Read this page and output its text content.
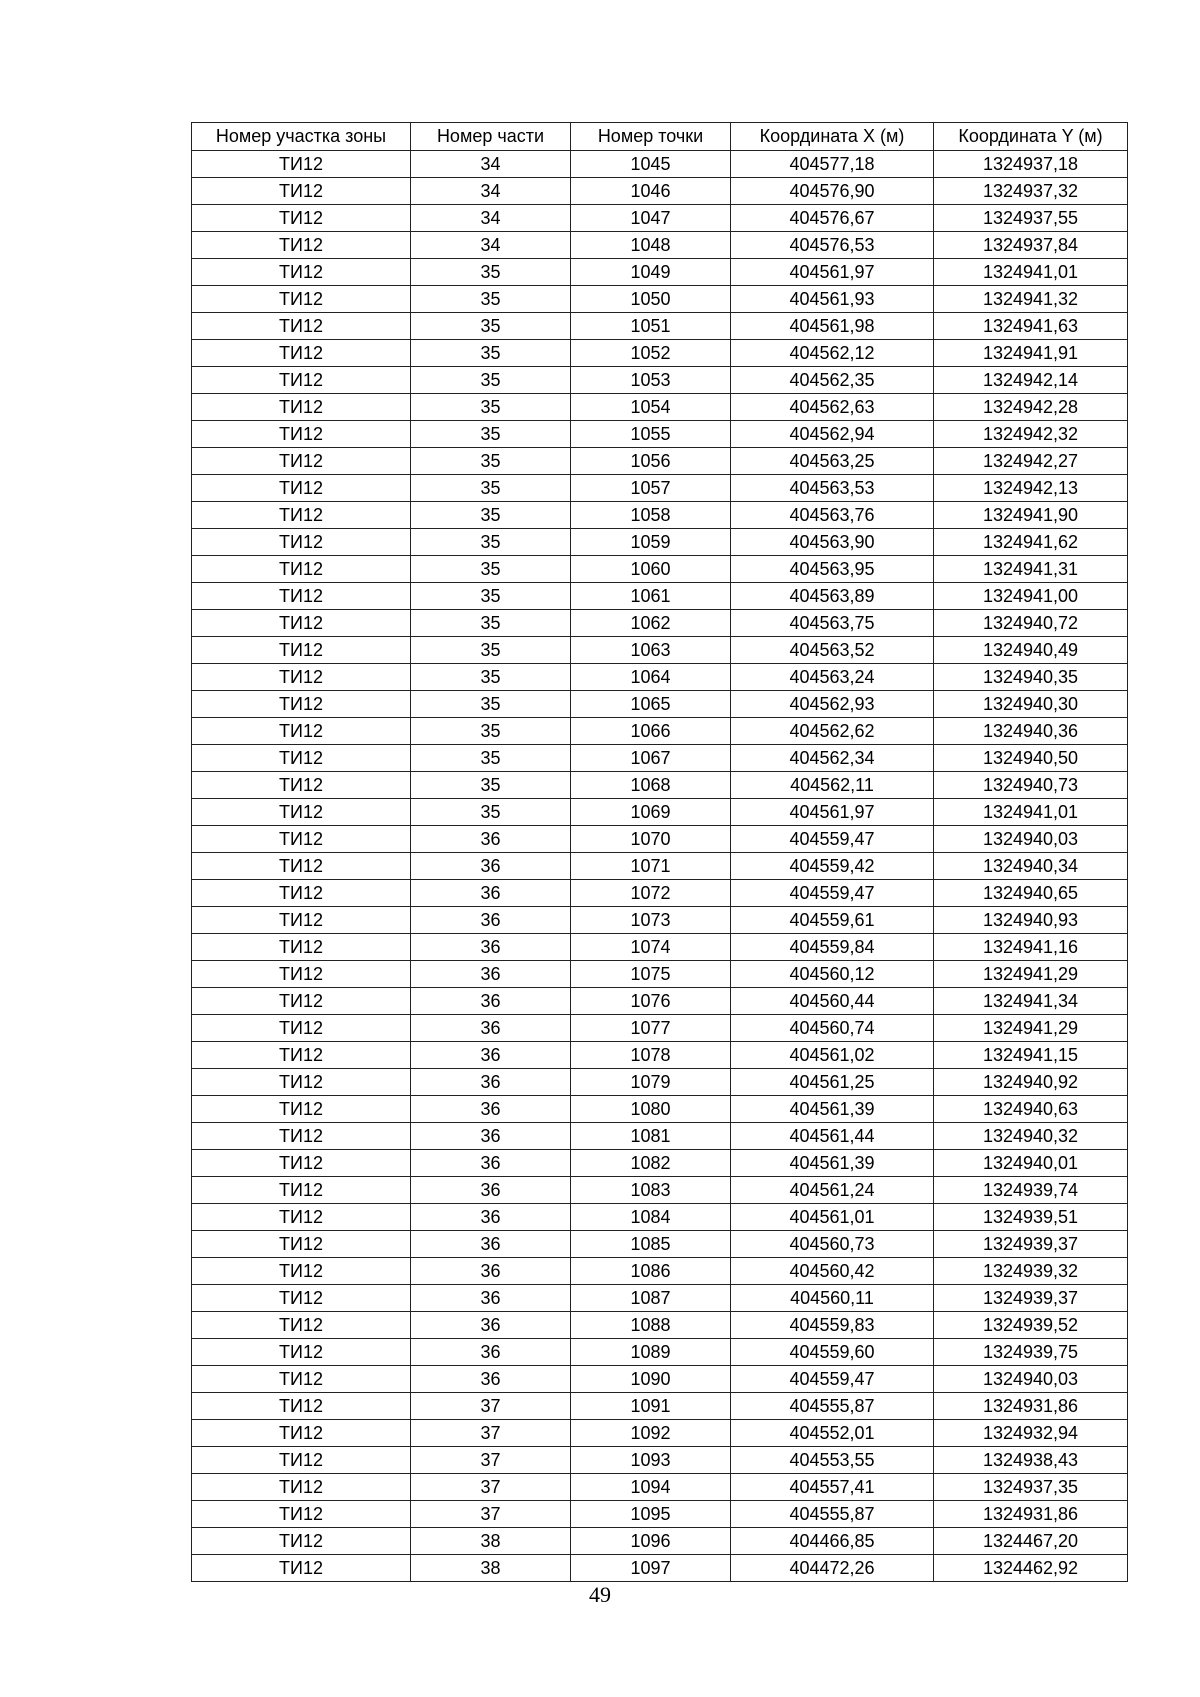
Номер участка зоны	Номер части	Номер точки	Координата X (м)	Координата Y (м)
ТИ12	34	1045	404577,18	1324937,18
ТИ12	34	1046	404576,90	1324937,32
ТИ12	34	1047	404576,67	1324937,55
ТИ12	34	1048	404576,53	1324937,84
ТИ12	35	1049	404561,97	1324941,01
ТИ12	35	1050	404561,93	1324941,32
ТИ12	35	1051	404561,98	1324941,63
ТИ12	35	1052	404562,12	1324941,91
ТИ12	35	1053	404562,35	1324942,14
ТИ12	35	1054	404562,63	1324942,28
ТИ12	35	1055	404562,94	1324942,32
ТИ12	35	1056	404563,25	1324942,27
ТИ12	35	1057	404563,53	1324942,13
ТИ12	35	1058	404563,76	1324941,90
ТИ12	35	1059	404563,90	1324941,62
ТИ12	35	1060	404563,95	1324941,31
ТИ12	35	1061	404563,89	1324941,00
ТИ12	35	1062	404563,75	1324940,72
ТИ12	35	1063	404563,52	1324940,49
ТИ12	35	1064	404563,24	1324940,35
ТИ12	35	1065	404562,93	1324940,30
ТИ12	35	1066	404562,62	1324940,36
ТИ12	35	1067	404562,34	1324940,50
ТИ12	35	1068	404562,11	1324940,73
ТИ12	35	1069	404561,97	1324941,01
ТИ12	36	1070	404559,47	1324940,03
ТИ12	36	1071	404559,42	1324940,34
ТИ12	36	1072	404559,47	1324940,65
ТИ12	36	1073	404559,61	1324940,93
ТИ12	36	1074	404559,84	1324941,16
ТИ12	36	1075	404560,12	1324941,29
ТИ12	36	1076	404560,44	1324941,34
ТИ12	36	1077	404560,74	1324941,29
ТИ12	36	1078	404561,02	1324941,15
ТИ12	36	1079	404561,25	1324940,92
ТИ12	36	1080	404561,39	1324940,63
ТИ12	36	1081	404561,44	1324940,32
ТИ12	36	1082	404561,39	1324940,01
ТИ12	36	1083	404561,24	1324939,74
ТИ12	36	1084	404561,01	1324939,51
ТИ12	36	1085	404560,73	1324939,37
ТИ12	36	1086	404560,42	1324939,32
ТИ12	36	1087	404560,11	1324939,37
ТИ12	36	1088	404559,83	1324939,52
ТИ12	36	1089	404559,60	1324939,75
ТИ12	36	1090	404559,47	1324940,03
ТИ12	37	1091	404555,87	1324931,86
ТИ12	37	1092	404552,01	1324932,94
ТИ12	37	1093	404553,55	1324938,43
ТИ12	37	1094	404557,41	1324937,35
ТИ12	37	1095	404555,87	1324931,86
ТИ12	38	1096	404466,85	1324467,20
ТИ12	38	1097	404472,26	1324462,92
49
